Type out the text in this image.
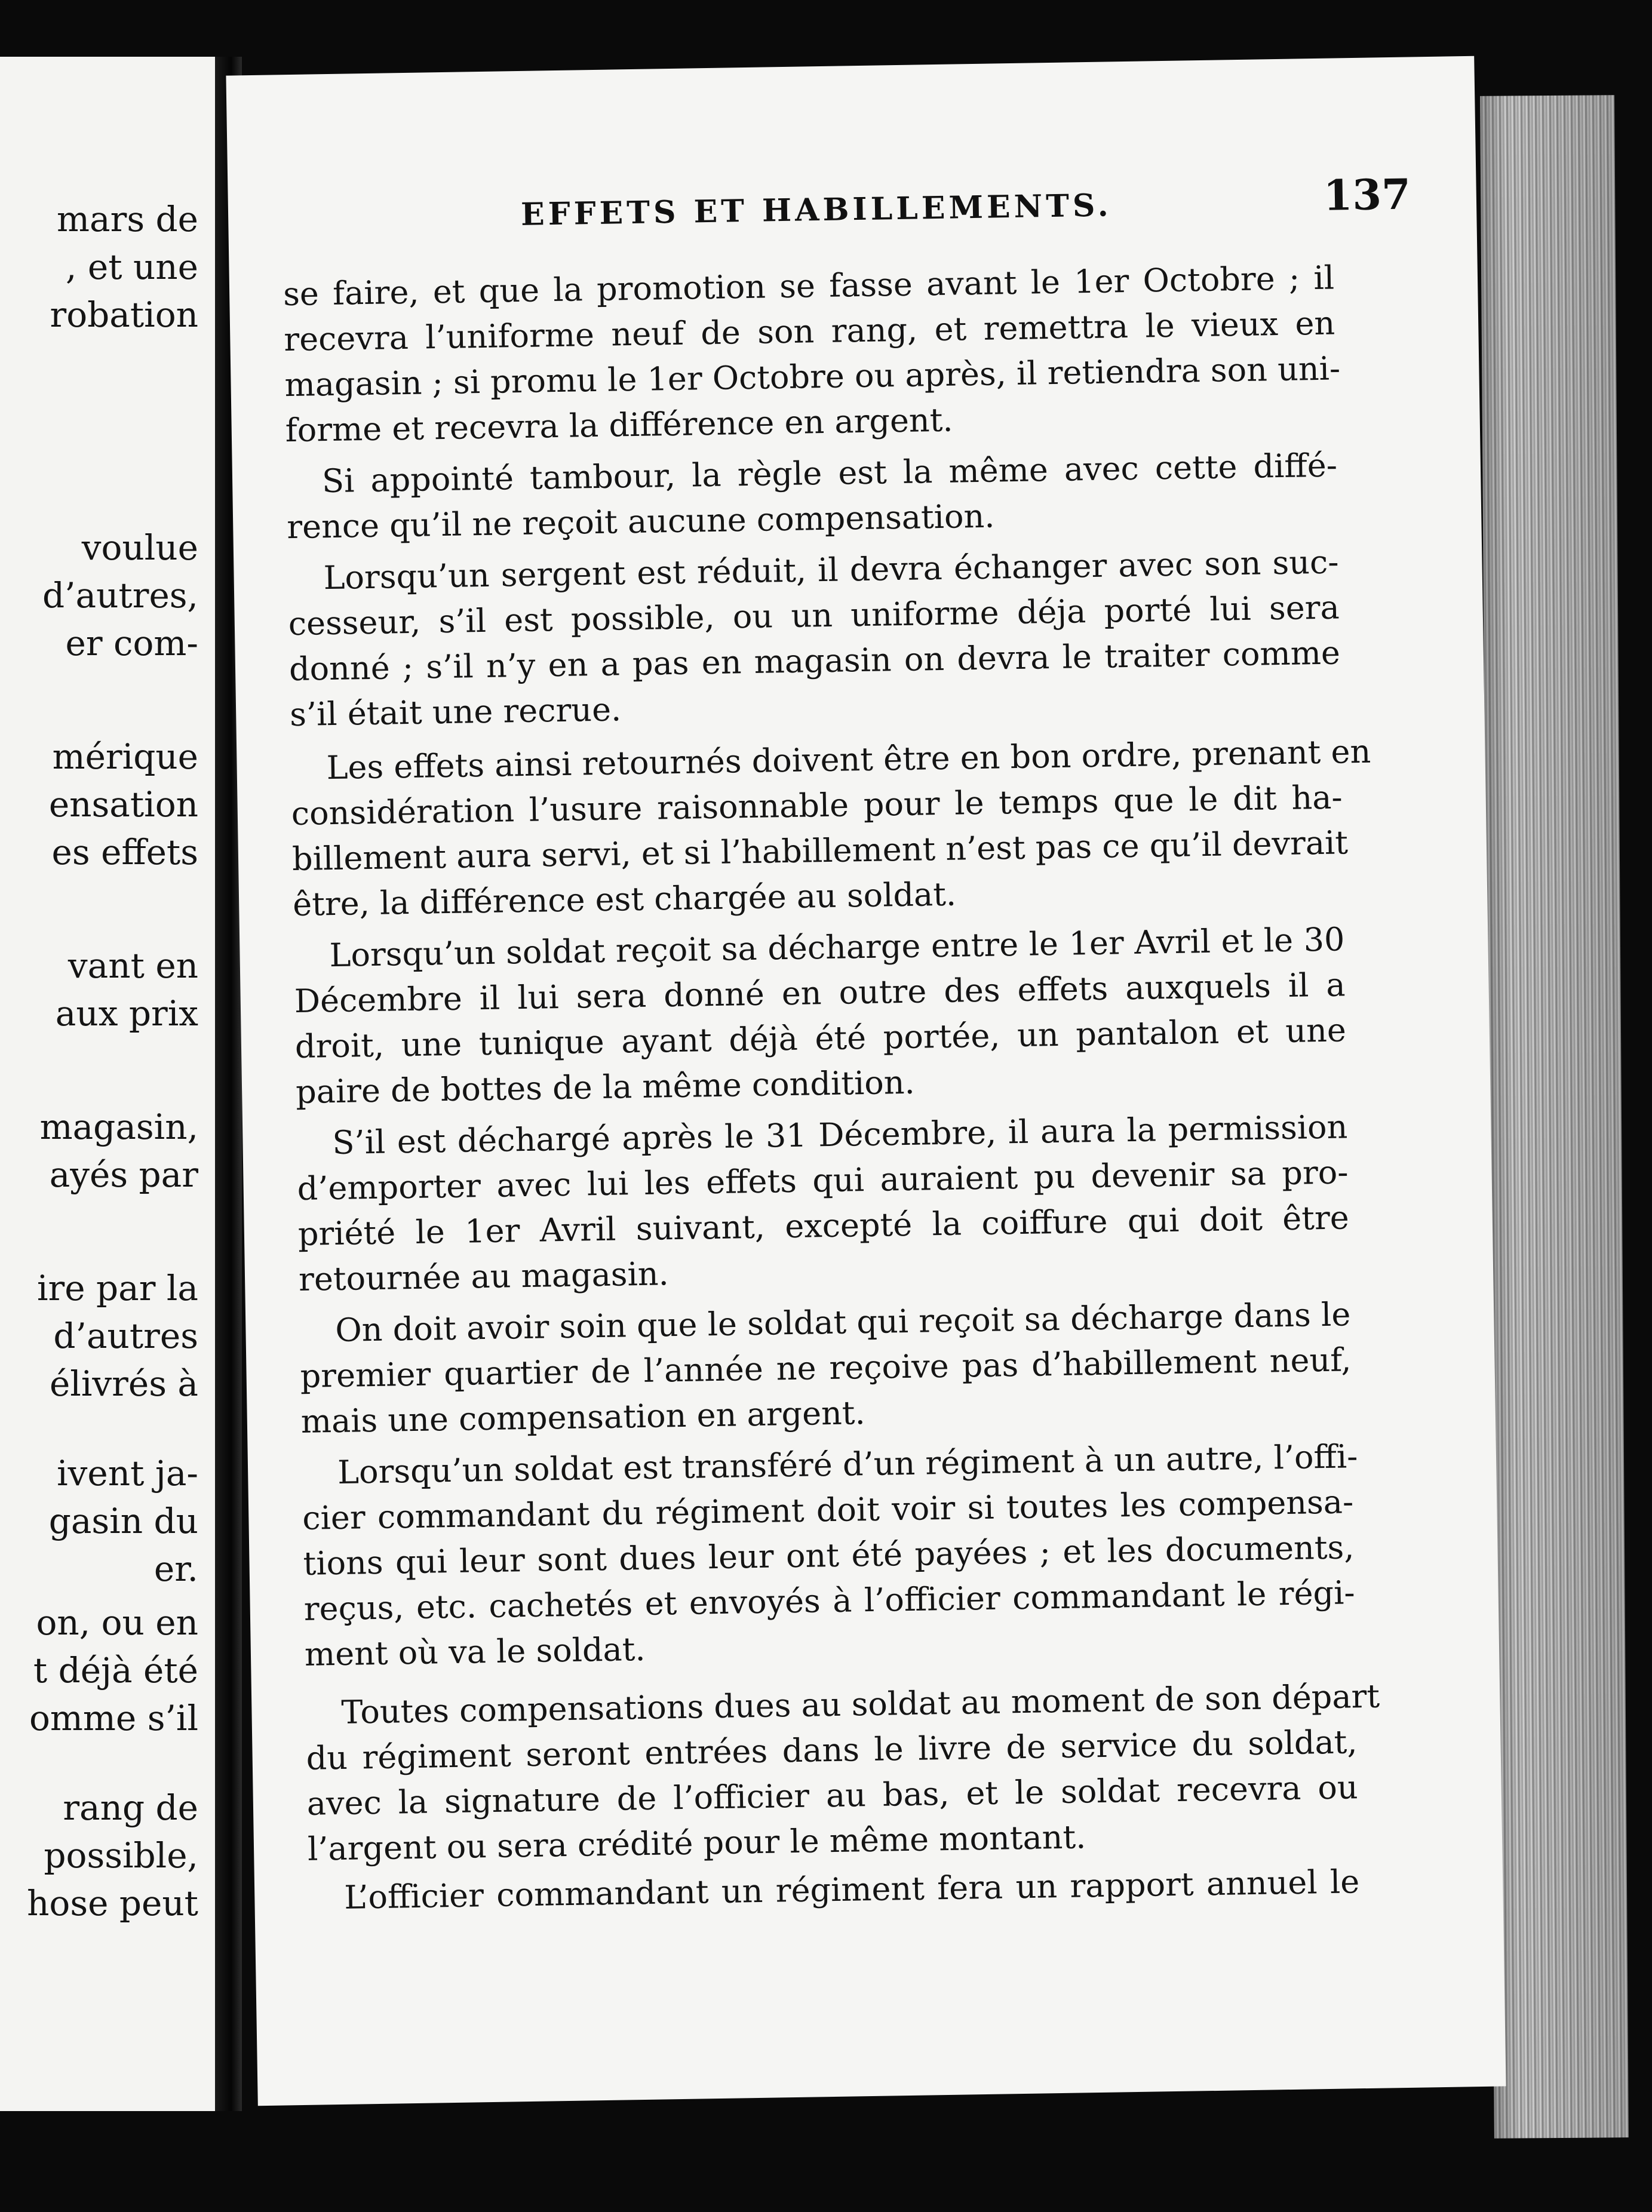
mars de
, et une
robation
voulue
d’autres,
er com-
mérique
ensation
es effets
vant en
aux prix
magasin,
ayés par
ire par la
d’autres
élivrés à
ivent ja-
gasin du
er.
on, ou en
t déjà été
omme s’il
rang de
possible,
hose peut
EFFETS ET HABILLEMENTS.	137
se faire, et que la promotion se fasse avant le 1er Octobre ; il
recevra l’uniforme neuf de son rang, et remettra le vieux en
magasin ; si promu le 1er Octobre ou après, il retiendra son uni-
forme et recevra la différence en argent.
Si appointé tambour, la règle est la même avec cette diffé-
rence qu’il ne reçoit aucune compensation.
Lorsqu’un sergent est réduit, il devra échanger avec son suc-
cesseur, s’il est possible, ou un uniforme déja porté lui sera
donné ; s’il n’y en a pas en magasin on devra le traiter comme
s’il était une recrue.
Les effets ainsi retournés doivent être en bon ordre, prenant en
considération l’usure raisonnable pour le temps que le dit ha-
billement aura servi, et si l’habillement n’est pas ce qu’il devrait
être, la différence est chargée au soldat.
Lorsqu’un soldat reçoit sa décharge entre le 1er Avril et le 30
Décembre il lui sera donné en outre des effets auxquels il a
droit, une tunique ayant déjà été portée, un pantalon et une
paire de bottes de la même condition.
S’il est déchargé après le 31 Décembre, il aura la permission
d’emporter avec lui les effets qui auraient pu devenir sa pro-
priété le 1er Avril suivant, excepté la coiffure qui doit être
retournée au magasin.
On doit avoir soin que le soldat qui reçoit sa décharge dans le
premier quartier de l’année ne reçoive pas d’habillement neuf,
mais une compensation en argent.
Lorsqu’un soldat est transféré d’un régiment à un autre, l’offi-
cier commandant du régiment doit voir si toutes les compensa-
tions qui leur sont dues leur ont été payées ; et les documents,
reçus, etc. cachetés et envoyés à l’officier commandant le régi-
ment où va le soldat.
Toutes compensations dues au soldat au moment de son départ
du régiment seront entrées dans le livre de service du soldat,
avec la signature de l’officier au bas, et le soldat recevra ou
l’argent ou sera crédité pour le même montant.
L’officier commandant un régiment fera un rapport annuel le
